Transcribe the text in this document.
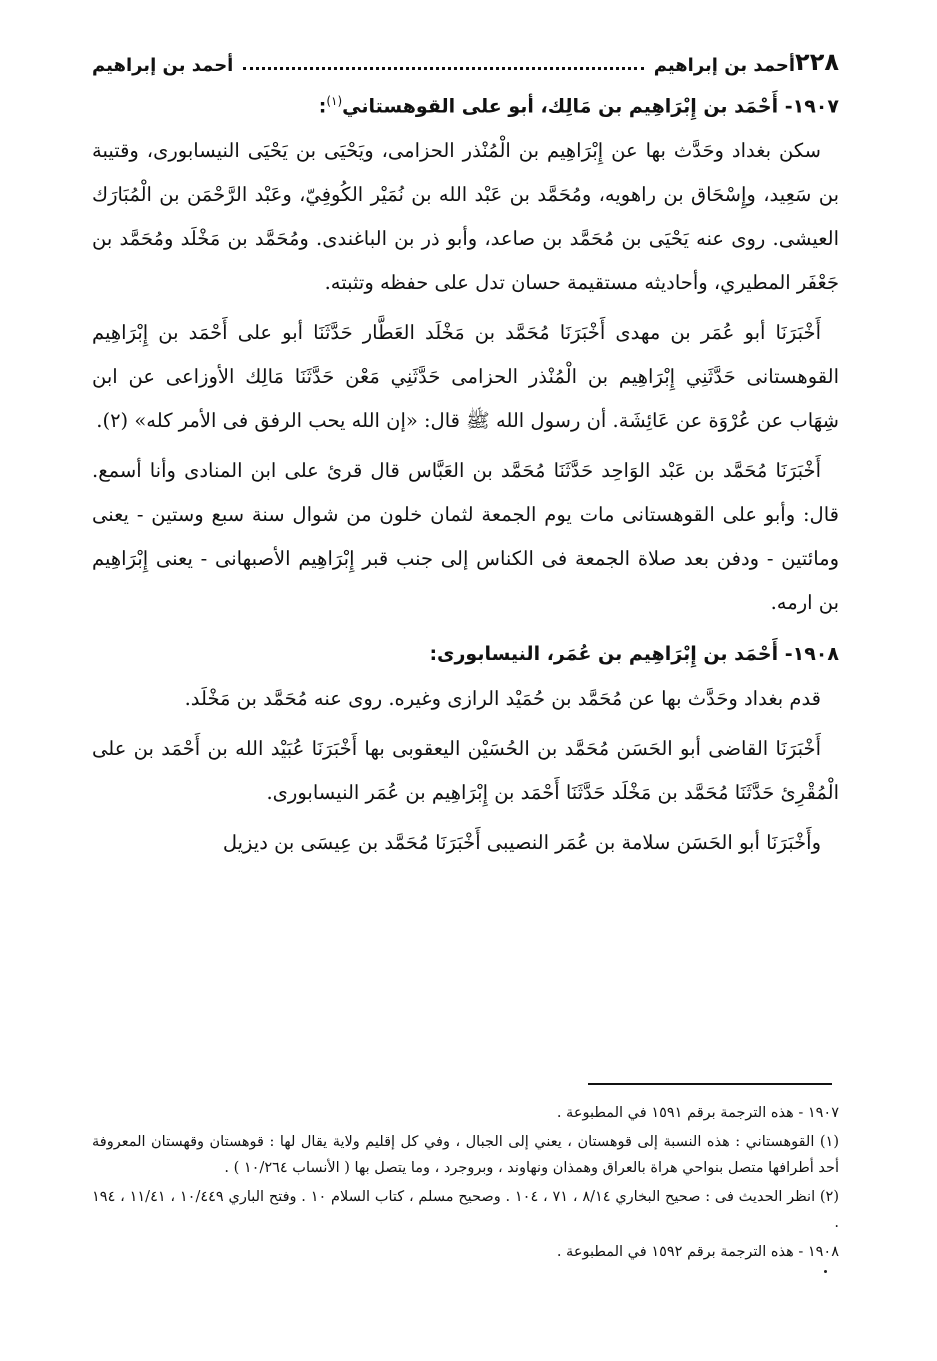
٢٢٨
أحمد بن إبراهيم
أحمد بن إبراهيم
١٩٠٧- أَحْمَد بن إِبْرَاهِيم بن مَالِك، أبو على القوهستاني$^{(١)}$:

سكن بغداد وحَدَّث بها عن إِبْرَاهِيم بن الْمُنْذر الحزامى، ويَحْيَى بن يَحْيَى النيسابورى، وقتيبة بن سَعِيد، وإِسْحَاق بن راهويه، ومُحَمَّد بن عَبْد الله بن نُمَيْر الكُوفِيّ، وعَبْد الرَّحْمَن بن الْمُبَارَك العيشى. روى عنه يَحْيَى بن مُحَمَّد بن صاعد، وأبو ذر بن الباغندى. ومُحَمَّد بن مَخْلَد ومُحَمَّد بن جَعْفَر المطيري، وأحاديثه مستقيمة حسان تدل على حفظه وتثبته.

أَخْبَرَنَا أبو عُمَر بن مهدى أَخْبَرَنَا مُحَمَّد بن مَخْلَد العَطَّار حَدَّثَنَا أبو على أَحْمَد بن إِبْرَاهِيم القوهستانى حَدَّثَنِي إِبْرَاهِيم بن الْمُنْذر الحزامى حَدَّثَنِي مَعْن حَدَّثَنَا مَالِك الأوزاعى عن ابن شِهَاب عن عُرْوَة عن عَائِشَة. أن رسول الله ﷺ قال: «إن الله يحب الرفق فى الأمر كله» (٢).

أَخْبَرَنَا مُحَمَّد بن عَبْد الوَاحِد حَدَّثَنَا مُحَمَّد بن العَبَّاس قال قرئ على ابن المنادى وأنا أسمع. قال: وأبو على القوهستانى مات يوم الجمعة لثمان خلون من شوال سنة سبع وستين - يعنى ومائتين - ودفن بعد صلاة الجمعة فى الكناس إلى جنب قبر إِبْرَاهِيم الأصبهانى - يعنى إِبْرَاهِيم بن ارمه.

١٩٠٨- أَحْمَد بن إِبْرَاهِيم بن عُمَر، النيسابورى:

قدم بغداد وحَدَّث بها عن مُحَمَّد بن حُمَيْد الرازى وغيره. روى عنه مُحَمَّد بن مَخْلَد.

أَخْبَرَنَا القاضى أبو الحَسَن مُحَمَّد بن الحُسَيْن اليعقوبى بها أَخْبَرَنَا عُبَيْد الله بن أَحْمَد بن على الْمُقْرِئ حَدَّثَنَا مُحَمَّد بن مَخْلَد حَدَّثَنَا أَحْمَد بن إِبْرَاهِيم بن عُمَر النيسابورى.

وأَخْبَرَنَا أبو الحَسَن سلامة بن عُمَر النصيبى أَخْبَرَنَا مُحَمَّد بن عِيسَى بن ديزيل

١٩٠٧ - هذه الترجمة برقم ١٥٩١ في المطبوعة .

(١) القوهستاني : هذه النسبة إلى قوهستان ، يعني إلى الجبال ، وفي كل إقليم ولاية يقال لها : قوهستان وقهستان المعروفة أحد أطرافها متصل بنواحي هراة بالعراق وهمذان ونهاوند ، وبروجرد ، وما يتصل بها ( الأنساب ١٠/٢٦٤ ) .

(٢) انظر الحديث فى : صحيح البخاري ٨/١٤ ، ٧١ ، ١٠٤ . وصحيح مسلم ، كتاب السلام ١٠ . وفتح الباري ١٠/٤٤٩ ، ١١/٤١ ، ١٩٤ .

١٩٠٨ - هذه الترجمة برقم ١٥٩٢ في المطبوعة .
